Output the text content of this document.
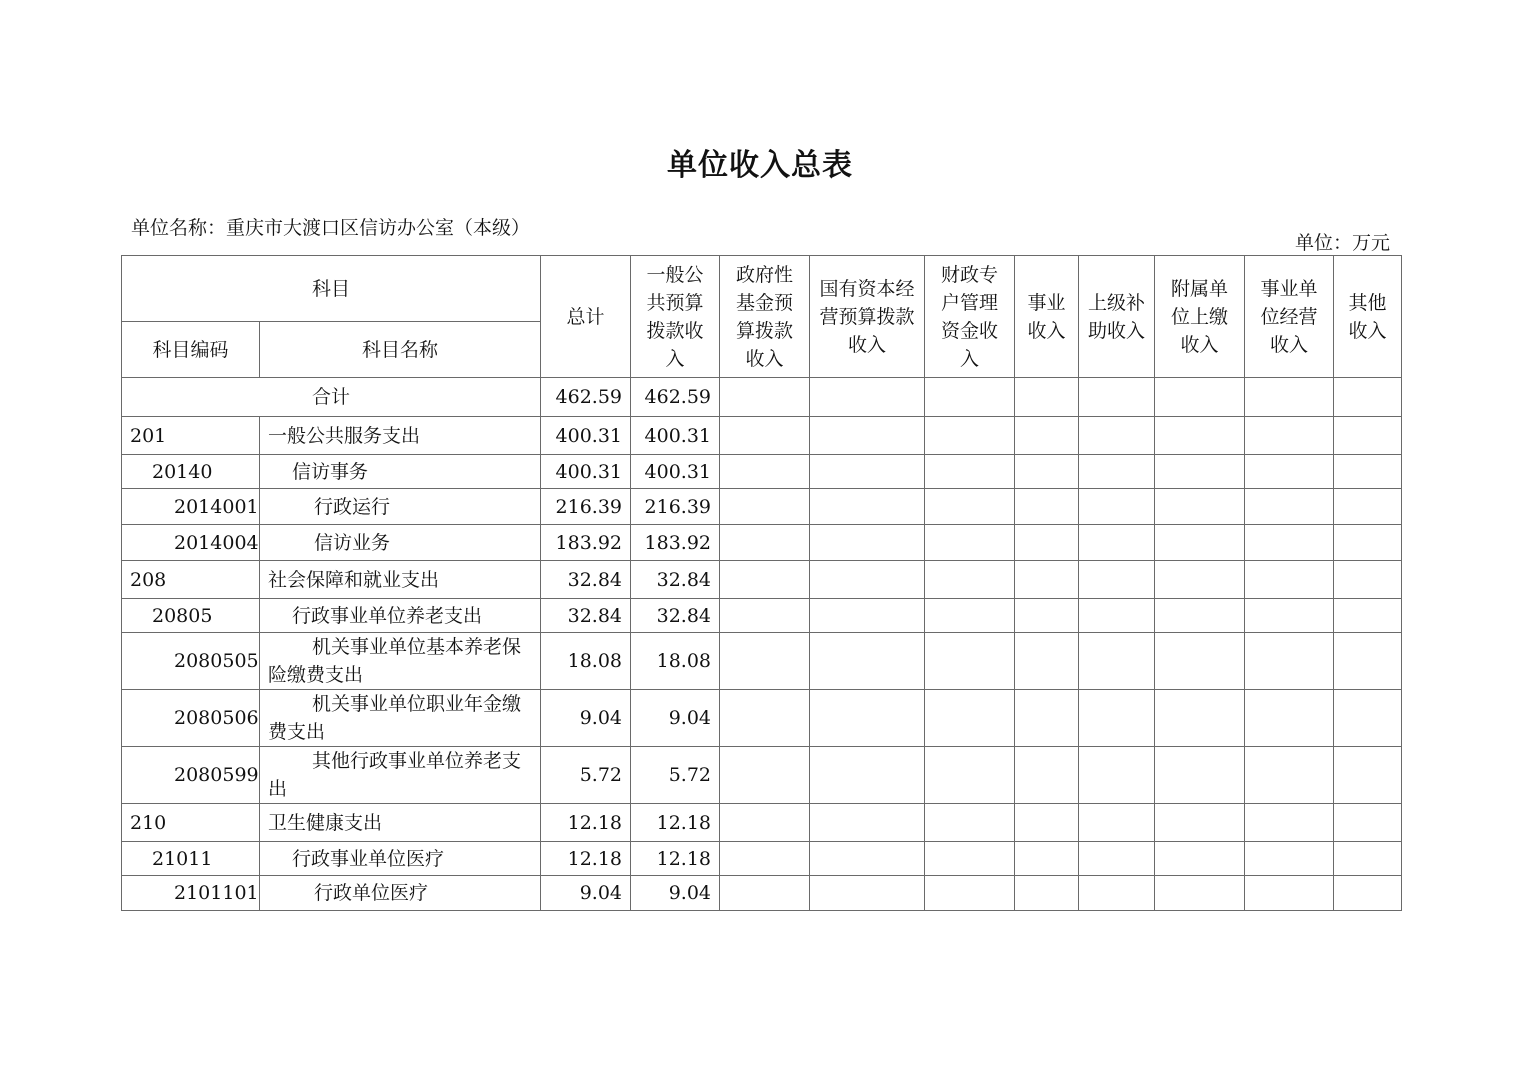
单位收入总表
单位名称：重庆市大渡口区信访办公室（本级）
单位：万元
科目		总计	一般公共预算拨款收入	政府性基金预算拨款收入	国有资本经营预算拨款收入	财政专户管理资金收入	事业收入	上级补助收入	附属单位上缴收入	事业单位经营收入	其他收入
科目编码	科目名称										
合计		462.59	462.59								
201	一般公共服务支出	400.31	400.31								
20140	信访事务	400.31	400.31								
2014001	行政运行	216.39	216.39								
2014004	信访业务	183.92	183.92								
208	社会保障和就业支出	32.84	32.84								
20805	行政事业单位养老支出	32.84	32.84								
2080505	机关事业单位基本养老保险缴费支出	18.08	18.08								
2080506	机关事业单位职业年金缴费支出	9.04	9.04								
2080599	其他行政事业单位养老支出	5.72	5.72								
210	卫生健康支出	12.18	12.18								
21011	行政事业单位医疗	12.18	12.18								
2101101	行政单位医疗	9.04	9.04								
